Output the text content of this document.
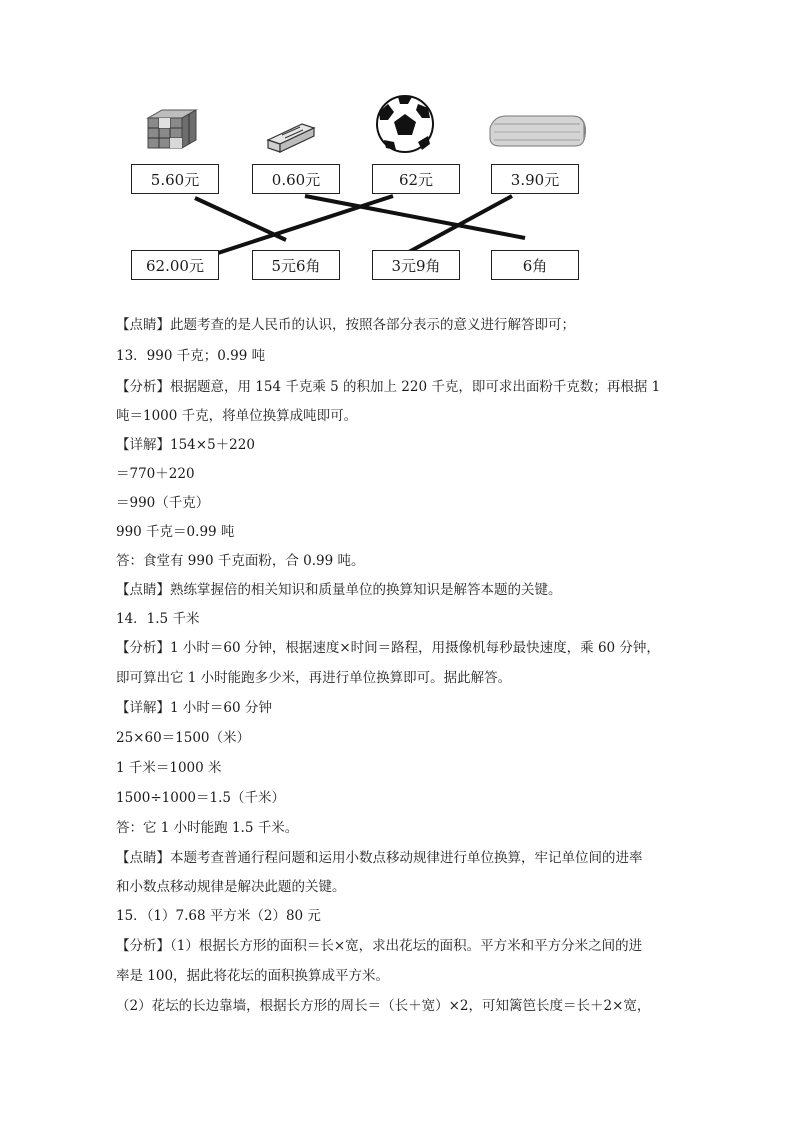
5.60元	0.60元	62元	3.90元
62.00元	5元6角	3元9角	6角
【点睛】此题考查的是人民币的认识，按照各部分表示的意义进行解答即可；
13．990 千克；0.99 吨
【分析】根据题意，用 154 千克乘 5 的积加上 220 千克，即可求出面粉千克数；再根据 1
吨＝1000 千克，将单位换算成吨即可。
【详解】154×5＋220
＝770＋220
＝990（千克）
990 千克＝0.99 吨
答：食堂有 990 千克面粉，合 0.99 吨。
【点睛】熟练掌握倍的相关知识和质量单位的换算知识是解答本题的关键。
14．1.5 千米
【分析】1 小时＝60 分钟，根据速度×时间＝路程，用摄像机每秒最快速度，乘 60 分钟，
即可算出它 1 小时能跑多少米，再进行单位换算即可。据此解答。
【详解】1 小时＝60 分钟
25×60＝1500（米）
1 千米＝1000 米
1500÷1000＝1.5（千米）
答：它 1 小时能跑 1.5 千米。
【点睛】本题考查普通行程问题和运用小数点移动规律进行单位换算，牢记单位间的进率
和小数点移动规律是解决此题的关键。
15．（1）7.68 平方米（2）80 元
【分析】（1）根据长方形的面积＝长×宽，求出花坛的面积。平方米和平方分米之间的进
率是 100，据此将花坛的面积换算成平方米。
（2）花坛的长边靠墙，根据长方形的周长＝（长＋宽）×2，可知篱笆长度＝长＋2×宽，
